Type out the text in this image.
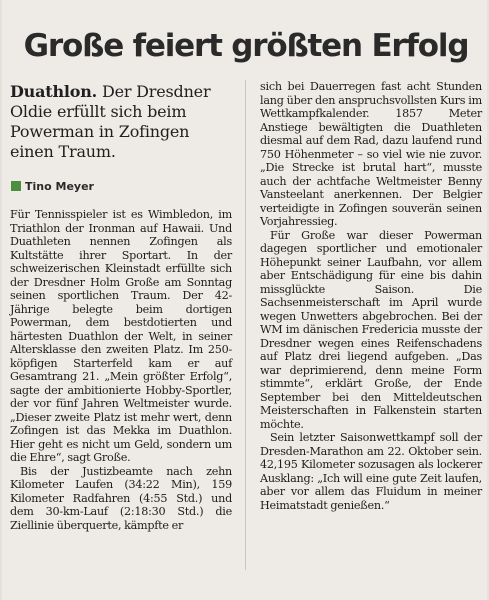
Große feiert größten Erfolg
Duathlon. Der Dresdner Oldie erfüllt sich beim Powerman in Zofingen einen Traum.
Tino Meyer

Für Tennisspieler ist es Wimbledon, im Triathlon der Ironman auf Hawaii. Und Duathleten nennen Zofingen als Kultstätte ihrer Sportart. In der schweizerischen Kleinstadt erfüllte sich der Dresdner Holm Große am Sonntag seinen sportlichen Traum. Der 42-Jährige belegte beim dortigen Powerman, dem bestdotierten und härtesten Duathlon der Welt, in seiner Altersklasse den zweiten Platz. Im 250-köpfigen Starterfeld kam er auf Gesamtrang 21. „Mein größter Erfolg“, sagte der ambitionierte Hobby-Sportler, der vor fünf Jahren Weltmeister wurde. „Dieser zweite Platz ist mehr wert, denn Zofingen ist das Mekka im Duathlon. Hier geht es nicht um Geld, sondern um die Ehre“, sagt Große.

Bis der Justizbeamte nach zehn Kilometer Laufen (34:22 Min), 159 Kilometer Radfahren (4:55 Std.) und dem 30-km-Lauf (2:18:30 Std.) die Ziellinie überquerte, kämpfte er

sich bei Dauerregen fast acht Stunden lang über den anspruchsvollsten Kurs im Wettkampfkalender. 1857 Meter Anstiege bewältigten die Duathleten diesmal auf dem Rad, dazu laufend rund 750 Höhenmeter – so viel wie nie zuvor. „Die Strecke ist brutal hart“, musste auch der achtfache Weltmeister Benny Vansteelant anerkennen. Der Belgier verteidigte in Zofingen souverän seinen Vorjahressieg.

Für Große war dieser Powerman dagegen sportlicher und emotionaler Höhepunkt seiner Laufbahn, vor allem aber Entschädigung für eine bis dahin missglückte Saison. Die Sachsenmeisterschaft im April wurde wegen Unwetters abgebrochen. Bei der WM im dänischen Fredericia musste der Dresdner wegen eines Reifenschadens auf Platz drei liegend aufgeben. „Das war deprimierend, denn meine Form stimmte“, erklärt Große, der Ende September bei den Mitteldeutschen Meisterschaften in Falkenstein starten möchte.

Sein letzter Saisonwettkampf soll der Dresden-Marathon am 22. Oktober sein. 42,195 Kilometer sozusagen als lockerer Ausklang: „Ich will eine gute Zeit laufen, aber vor allem das Fluidum in meiner Heimatstadt genießen.“
